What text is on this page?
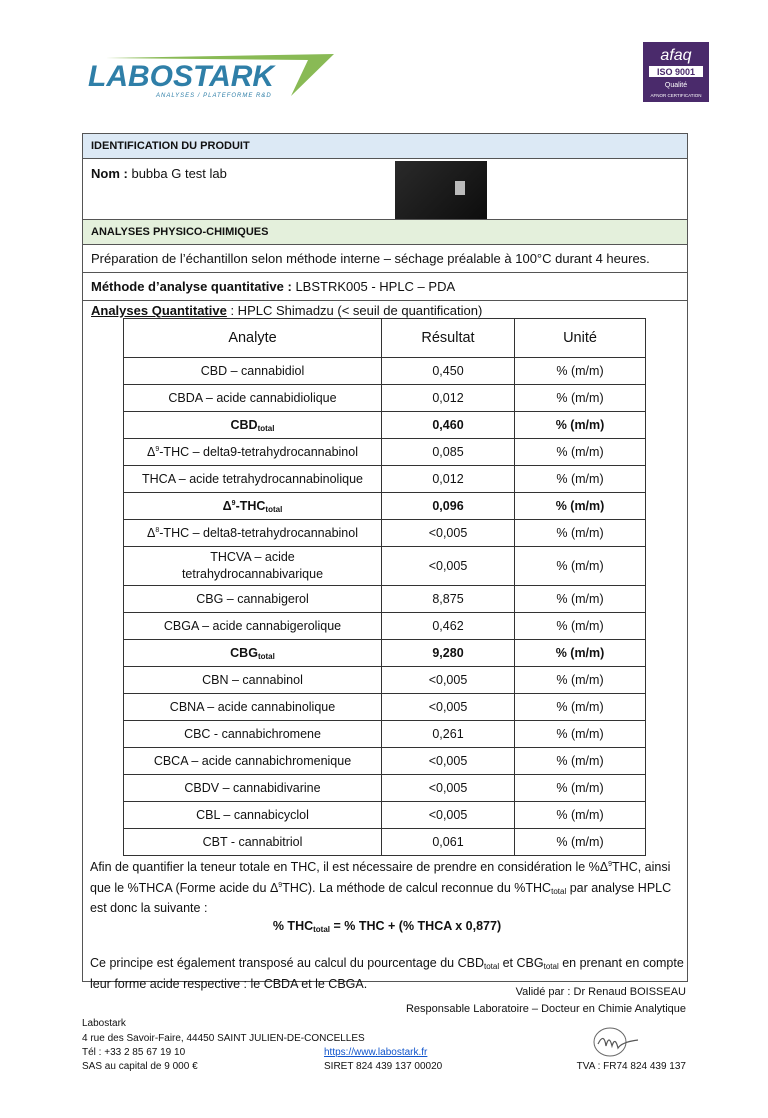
LABOSTARK
ANALYSES / PLATEFORME R&D
afaq
ISO 9001
Qualité
AFNOR CERTIFICATION
IDENTIFICATION DU PRODUIT
Nom : bubba G test lab
ANALYSES PHYSICO-CHIMIQUES
Préparation de l’échantillon selon méthode interne – séchage préalable à 100°C durant 4 heures.
Méthode d’analyse quantitative : LBSTRK005 - HPLC – PDA
Analyses Quantitative : HPLC Shimadzu (< seuil de quantification)
Analyte	Résultat	Unité
CBD – cannabidiol	0,450	% (m/m)
CBDA – acide cannabidiolique	0,012	% (m/m)
$CBD_{total}$	0,460	% (m/m)
$\Delta^9$-THC – delta9-tetrahydrocannabinol	0,085	% (m/m)
THCA – acide tetrahydrocannabinolique	0,012	% (m/m)
$\Delta^9-THC_{total}$	0,096	% (m/m)
$\Delta^8$-THC – delta8-tetrahydrocannabinol	<0,005	% (m/m)
THCVA – acide
tetrahydrocannabivarique	<0,005	% (m/m)
CBG – cannabigerol	8,875	% (m/m)
CBGA – acide cannabigerolique	0,462	% (m/m)
$CBG_{total}$	9,280	% (m/m)
CBN – cannabinol	<0,005	% (m/m)
CBNA – acide cannabinolique	<0,005	% (m/m)
CBC - cannabichromene	0,261	% (m/m)
CBCA – acide cannabichromenique	<0,005	% (m/m)
CBDV – cannabidivarine	<0,005	% (m/m)
CBL – cannabicyclol	<0,005	% (m/m)
CBT - cannabitriol	0,061	% (m/m)
Afin de quantifier la teneur totale en THC, il est nécessaire de prendre en considération le $\%\Delta^9THC$, ainsi que le %THCA (Forme acide du $\Delta^9THC$). La méthode de calcul reconnue du $\%THC_{total}$ par analyse HPLC est donc la suivante :
% $THC_{total}$ = % THC + (% THCA x 0,877)
Ce principe est également transposé au calcul du pourcentage du $CBD_{total}$ et $CBG_{total}$ en prenant en compte leur forme acide respective : le CBDA et le CBGA.
Validé par : Dr Renaud BOISSEAU
Responsable Laboratoire – Docteur en Chimie Analytique
Labostark
4 rue des Savoir-Faire, 44450 SAINT JULIEN-DE-CONCELLES
Tél : +33 2 85 67 19 10
SAS au capital de 9 000 €
https://www.labostark.fr
SIRET 824 439 137 00020	TVA : FR74 824 439 137
